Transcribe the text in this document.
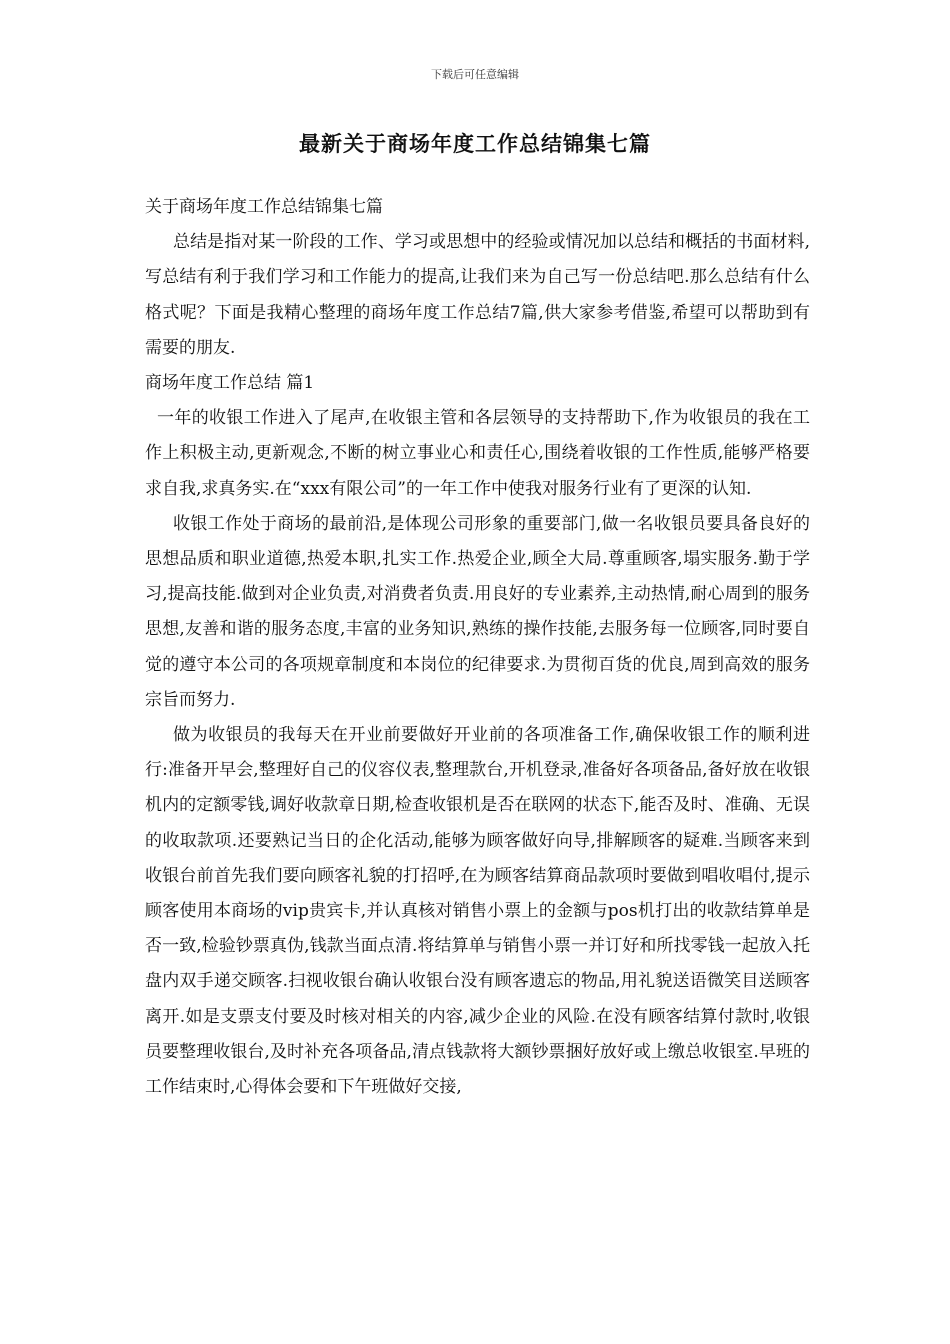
下载后可任意编辑
最新关于商场年度工作总结锦集七篇

关于商场年度工作总结锦集七篇

总结是指对某一阶段的工作、学习或思想中的经验或情况加以总结和概括的书面材料,写总结有利于我们学习和工作能力的提高,让我们来为自己写一份总结吧.那么总结有什么格式呢？下面是我精心整理的商场年度工作总结7篇,供大家参考借鉴,希望可以帮助到有需要的朋友.

商场年度工作总结 篇1

一年的收银工作进入了尾声,在收银主管和各层领导的支持帮助下,作为收银员的我在工作上积极主动,更新观念,不断的树立事业心和责任心,围绕着收银的工作性质,能够严格要求自我,求真务实.在“xxx有限公司”的一年工作中使我对服务行业有了更深的认知.

收银工作处于商场的最前沿,是体现公司形象的重要部门,做一名收银员要具备良好的思想品质和职业道德,热爱本职,扎实工作.热爱企业,顾全大局.尊重顾客,塌实服务.勤于学习,提高技能.做到对企业负责,对消费者负责.用良好的专业素养,主动热情,耐心周到的服务思想,友善和谐的服务态度,丰富的业务知识,熟练的操作技能,去服务每一位顾客,同时要自觉的遵守本公司的各项规章制度和本岗位的纪律要求.为贯彻百货的优良,周到高效的服务宗旨而努力.

做为收银员的我每天在开业前要做好开业前的各项准备工作,确保收银工作的顺利进行:准备开早会,整理好自己的仪容仪表,整理款台,开机登录,准备好各项备品,备好放在收银机内的定额零钱,调好收款章日期,检查收银机是否在联网的状态下,能否及时、准确、无误的收取款项.还要熟记当日的企化活动,能够为顾客做好向导,排解顾客的疑难.当顾客来到收银台前首先我们要向顾客礼貌的打招呼,在为顾客结算商品款项时要做到唱收唱付,提示顾客使用本商场的vip贵宾卡,并认真核对销售小票上的金额与pos机打出的收款结算单是否一致,检验钞票真伪,钱款当面点清.将结算单与销售小票一并订好和所找零钱一起放入托盘内双手递交顾客.扫视收银台确认收银台没有顾客遗忘的物品,用礼貌送语微笑目送顾客离开.如是支票支付要及时核对相关的内容,减少企业的风险.在没有顾客结算付款时,收银员要整理收银台,及时补充各项备品,清点钱款将大额钞票捆好放好或上缴总收银室.早班的工作结束时,心得体会要和下午班做好交接,
